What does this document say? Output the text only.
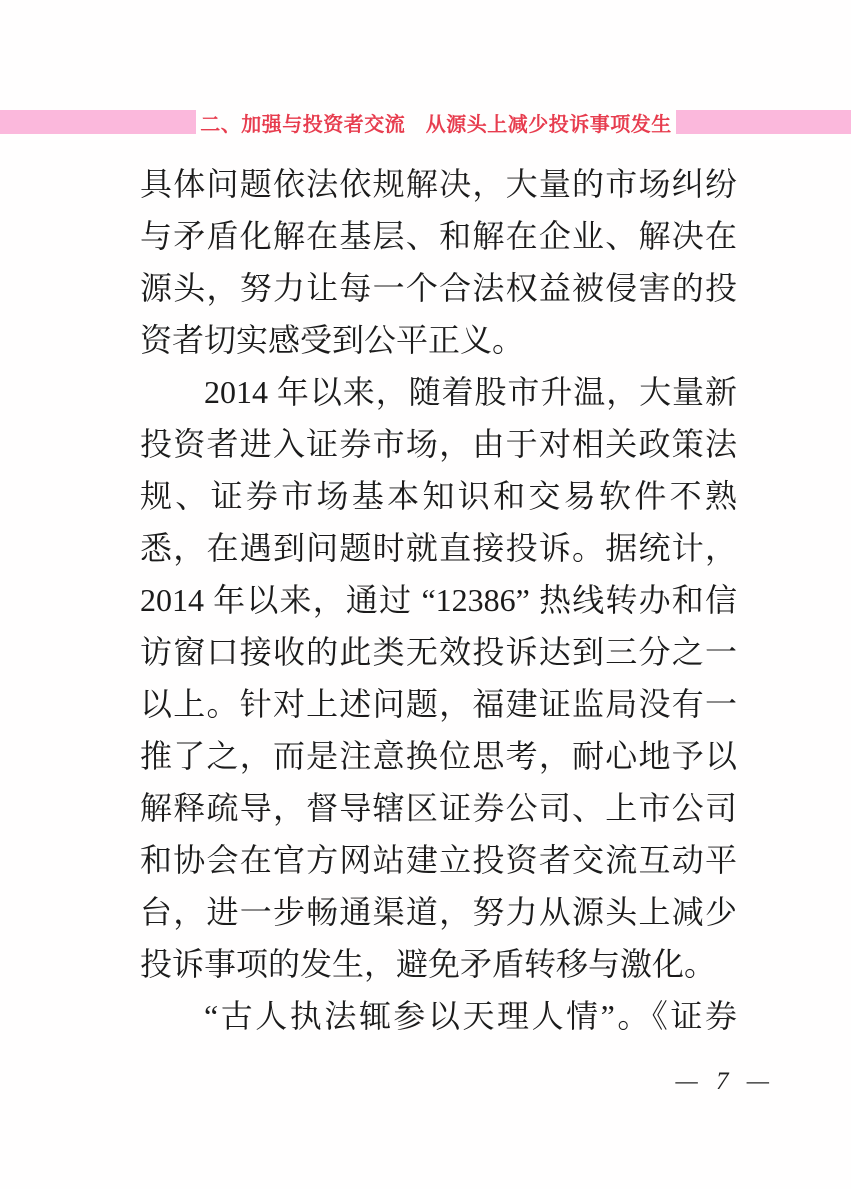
二、加强与投资者交流　从源头上减少投诉事项发生

具体问题依法依规解决，大量的市场纠纷与矛盾化解在基层、和解在企业、解决在源头，努力让每一个合法权益被侵害的投资者切实感受到公平正义。

2014 年以来，随着股市升温，大量新投资者进入证券市场，由于对相关政策法规、证券市场基本知识和交易软件不熟悉，在遇到问题时就直接投诉。据统计，2014 年以来，通过 “12386” 热线转办和信访窗口接收的此类无效投诉达到三分之一以上。针对上述问题，福建证监局没有一推了之，而是注意换位思考，耐心地予以解释疏导，督导辖区证券公司、上市公司和协会在官方网站建立投资者交流互动平台，进一步畅通渠道，努力从源头上减少投诉事项的发生，避免矛盾转移与激化。

“古人执法辄参以天理人情”。《证券

— 7 —
